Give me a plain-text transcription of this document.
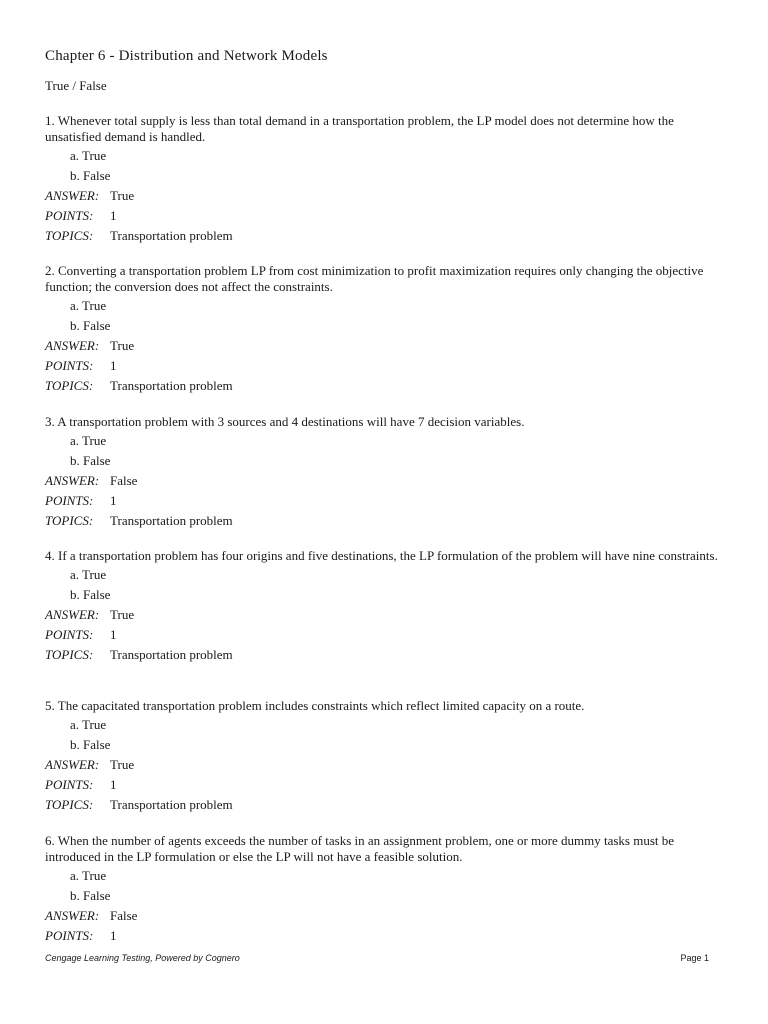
Chapter 6 - Distribution and Network Models
True / False

1. Whenever total supply is less than total demand in a transportation problem, the LP model does not determine how the unsatisfied demand is handled.

a. True
b. False
ANSWER: True
POINTS: 1
TOPICS: Transportation problem

2. Converting a transportation problem LP from cost minimization to profit maximization requires only changing the objective function; the conversion does not affect the constraints.

a. True
b. False
ANSWER: True
POINTS: 1
TOPICS: Transportation problem

3. A transportation problem with 3 sources and 4 destinations will have 7 decision variables.

a. True
b. False
ANSWER: False
POINTS: 1
TOPICS: Transportation problem

4. If a transportation problem has four origins and five destinations, the LP formulation of the problem will have nine constraints.

a. True
b. False
ANSWER: True
POINTS: 1
TOPICS: Transportation problem

5. The capacitated transportation problem includes constraints which reflect limited capacity on a route.

a. True
b. False
ANSWER: True
POINTS: 1
TOPICS: Transportation problem

6. When the number of agents exceeds the number of tasks in an assignment problem, one or more dummy tasks must be introduced in the LP formulation or else the LP will not have a feasible solution.

a. True
b. False
ANSWER: False
POINTS: 1
Cengage Learning Testing, Powered by Cognero	Page 1
